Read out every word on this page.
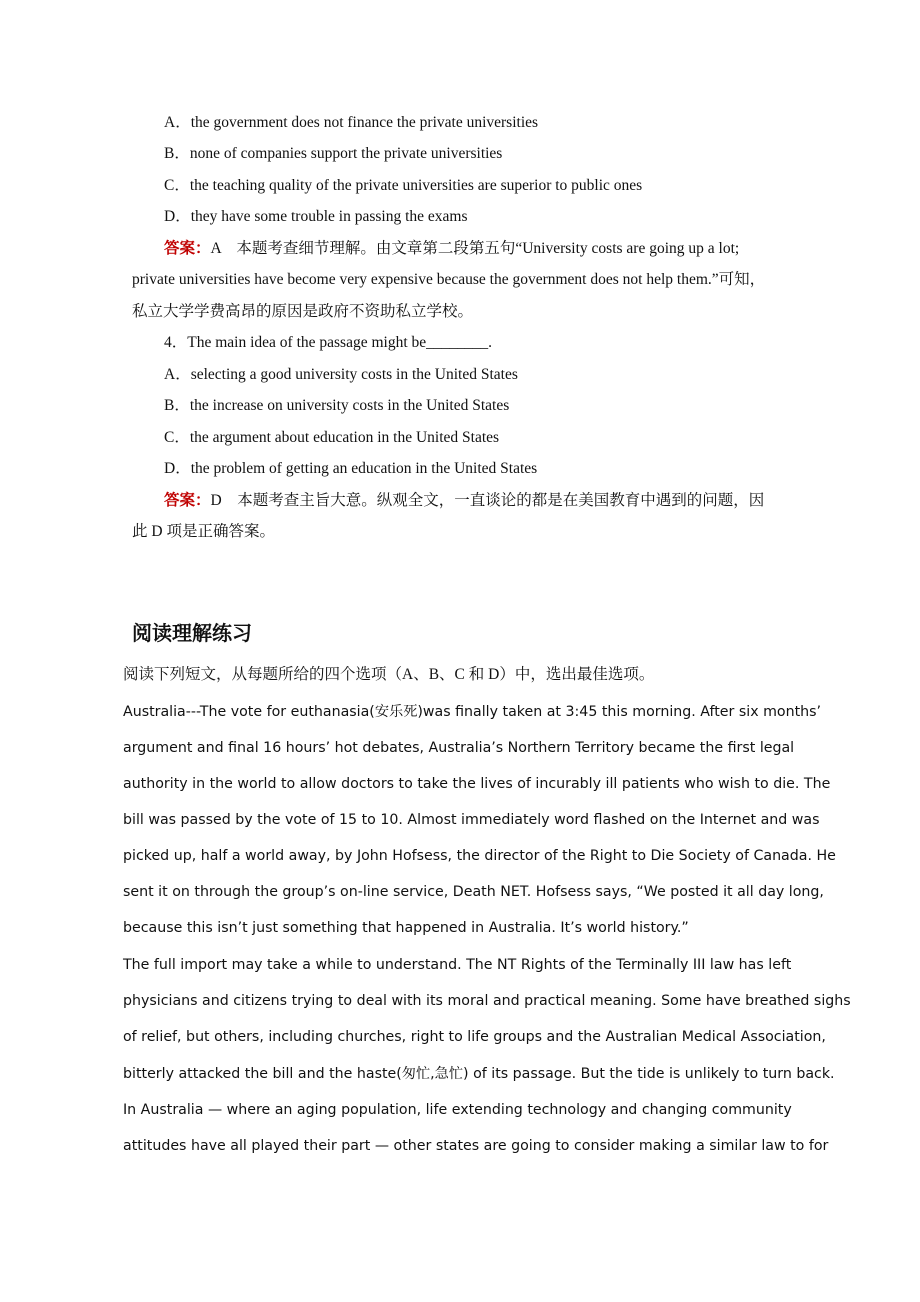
A．the government does not finance the private universities
B．none of companies support the private universities
C．the teaching quality of the private universities are superior to public ones
D．they have some trouble in passing the exams
答案：A　本题考查细节理解。由文章第二段第五句“University costs are going up a lot;
private universities have become very expensive because the government does not help them.”可知，
私立大学学费高昂的原因是政府不资助私立学校。
4．The main idea of the passage might be________.
A．selecting a good university costs in the United States
B．the increase on university costs in the United States
C．the argument about education in the United States
D．the problem of getting an education in the United States
答案：D　本题考查主旨大意。纵观全文，一直谈论的都是在美国教育中遇到的问题，因
此 D 项是正确答案。
阅读理解练习
阅读下列短文，从每题所给的四个选项（A、B、C 和 D）中，选出最佳选项。
Australia---The vote for euthanasia(安乐死)was finally taken at 3:45 this morning. After six months’
argument and final 16 hours’ hot debates, Australia’s Northern Territory became the first legal
authority in the world to allow doctors to take the lives of incurably ill patients who wish to die. The
bill was passed by the vote of 15 to 10. Almost immediately word flashed on the Internet and was
picked up, half a world away, by John Hofsess, the director of the Right to Die Society of Canada. He
sent it on through the group’s on-line service, Death NET. Hofsess says, “We posted it all day long,
because this isn’t just something that happened in Australia. It’s world history.”
The full import may take a while to understand. The NT Rights of the Terminally III law has left
physicians and citizens trying to deal with its moral and practical meaning. Some have breathed sighs
of relief, but others, including churches, right to life groups and the Australian Medical Association,
bitterly attacked the bill and the haste(匆忙,急忙) of its passage. But the tide is unlikely to turn back.
In Australia — where an aging population, life extending technology and changing community
attitudes have all played their part — other states are going to consider making a similar law to for
